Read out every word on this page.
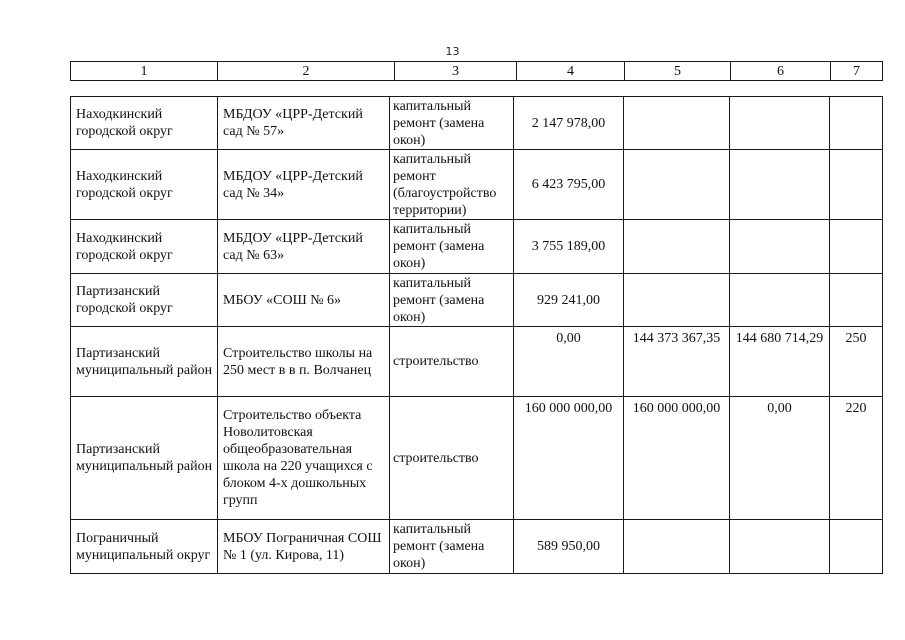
13
1	2	3	4	5	6	7
Находкинский городской округ	МБДОУ «ЦРР-Детский сад № 57»	капитальный ремонт (замена окон)	2 147 978,00			
Находкинский городской округ	МБДОУ «ЦРР-Детский сад № 34»	капитальный ремонт (благоустройство территории)	6 423 795,00			
Находкинский городской округ	МБДОУ «ЦРР-Детский сад № 63»	капитальный ремонт (замена окон)	3 755 189,00			
Партизанский городской округ	МБОУ «СОШ № 6»	капитальный ремонт (замена окон)	929 241,00			
Партизанский муниципальный район	Строительство школы на 250 мест в в п. Волчанец	строительство	0,00	144 373 367,35	144 680 714,29	250
Партизанский муниципальный район	Строительство объекта Новолитовская общеобразовательная школа на 220 учащихся с блоком 4-х дошкольных групп	строительство	160 000 000,00	160 000 000,00	0,00	220
Пограничный муниципальный округ	МБОУ Пограничная СОШ № 1 (ул. Кирова, 11)	капитальный ремонт (замена окон)	589 950,00			
